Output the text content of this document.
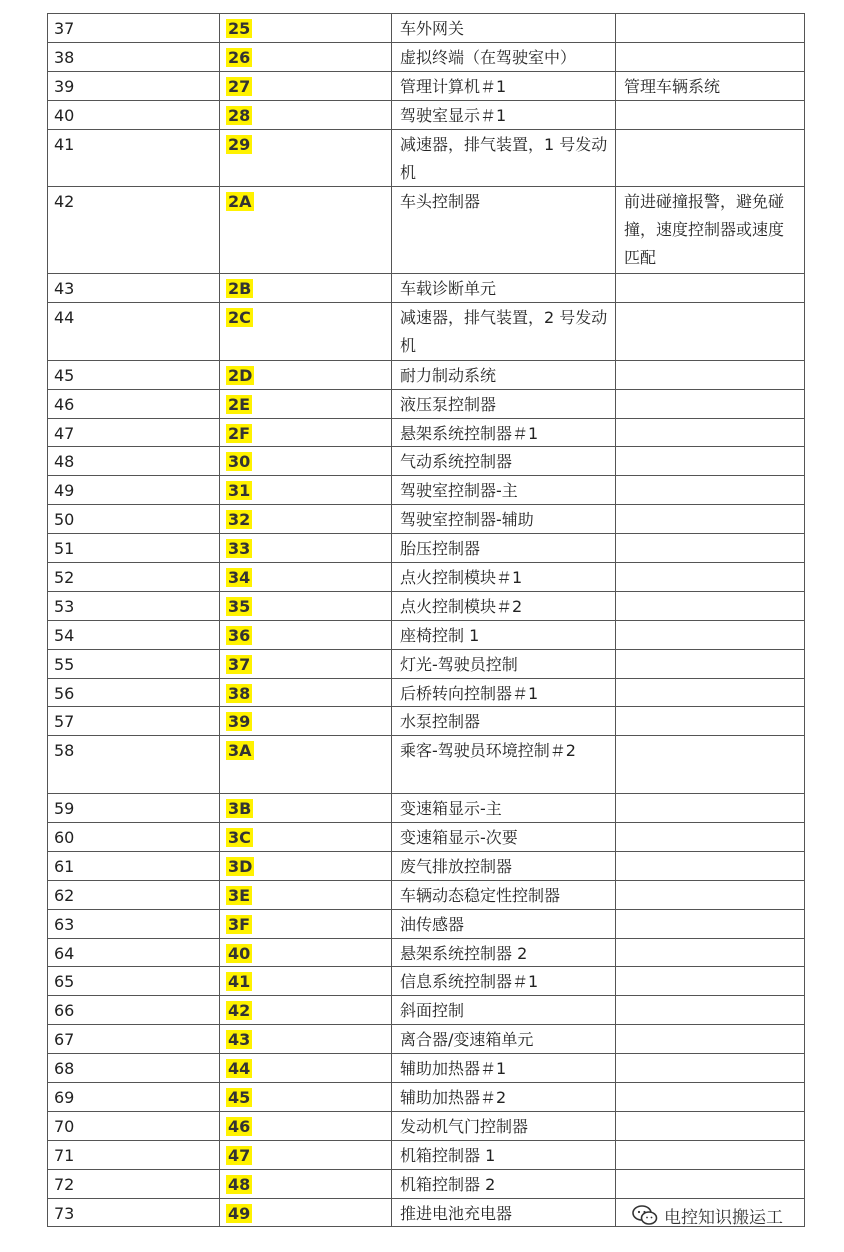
37	25	车外网关
38	26	虚拟终端（在驾驶室中）
39	27	管理计算机＃1	管理车辆系统
40	28	驾驶室显示＃1
41	29	减速器，排气装置，1 号发动机
42	2A	车头控制器	前进碰撞报警，避免碰撞，速度控制器或速度匹配
43	2B	车载诊断单元
44	2C	减速器，排气装置，2 号发动机
45	2D	耐力制动系统
46	2E	液压泵控制器
47	2F	悬架系统控制器＃1
48	30	气动系统控制器
49	31	驾驶室控制器-主
50	32	驾驶室控制器-辅助
51	33	胎压控制器
52	34	点火控制模块＃1
53	35	点火控制模块＃2
54	36	座椅控制 1
55	37	灯光-驾驶员控制
56	38	后桥转向控制器＃1
57	39	水泵控制器
58	3A	乘客-驾驶员环境控制＃2
59	3B	变速箱显示-主
60	3C	变速箱显示-次要
61	3D	废气排放控制器
62	3E	车辆动态稳定性控制器
63	3F	油传感器
64	40	悬架系统控制器 2
65	41	信息系统控制器＃1
66	42	斜面控制
67	43	离合器/变速箱单元
68	44	辅助加热器＃1
69	45	辅助加热器＃2
70	46	发动机气门控制器
71	47	机箱控制器 1
72	48	机箱控制器 2
73	49	推进电池充电器	电控知识搬运工
